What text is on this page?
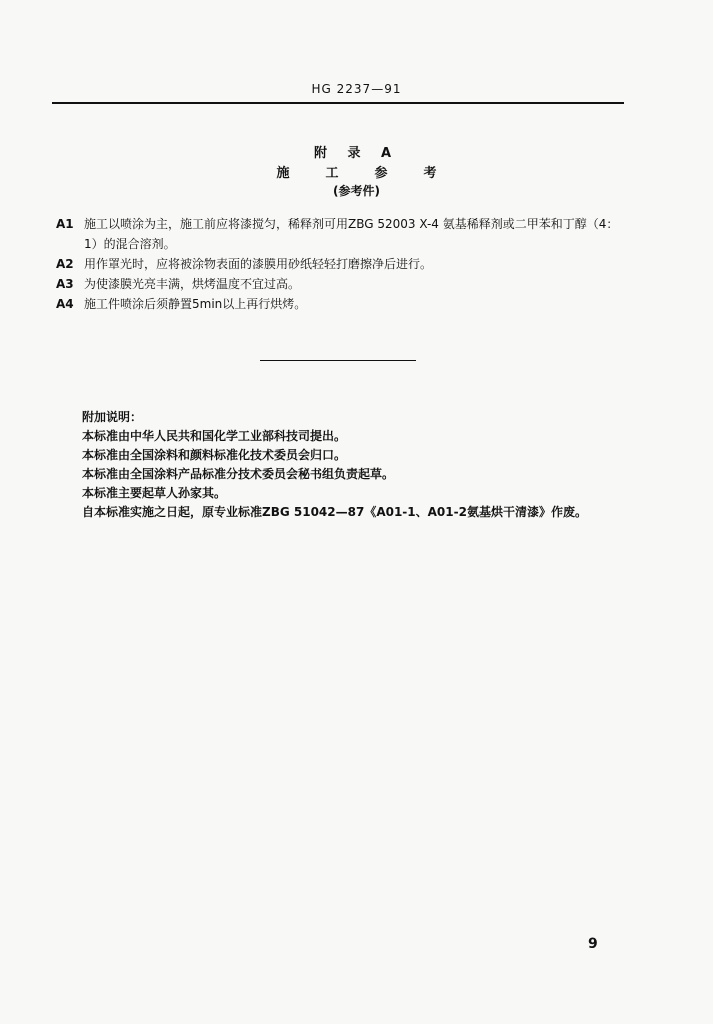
HG 2237—91
附 录 A
施工参考
(参考件)
A1 施工以喷涂为主，施工前应将漆搅匀，稀释剂可用ZBG 52003 X-4 氨基稀释剂或二甲苯和丁醇（4：1）的混合溶剂。
A2 用作罩光时，应将被涂物表面的漆膜用砂纸轻轻打磨擦净后进行。
A3 为使漆膜光亮丰满，烘烤温度不宜过高。
A4 施工件喷涂后须静置5min以上再行烘烤。
附加说明：
本标准由中华人民共和国化学工业部科技司提出。
本标准由全国涂料和颜料标准化技术委员会归口。
本标准由全国涂料产品标准分技术委员会秘书组负责起草。
本标准主要起草人孙家其。
自本标准实施之日起，原专业标准ZBG 51042—87《A01-1、A01-2氨基烘干清漆》作废。
9
